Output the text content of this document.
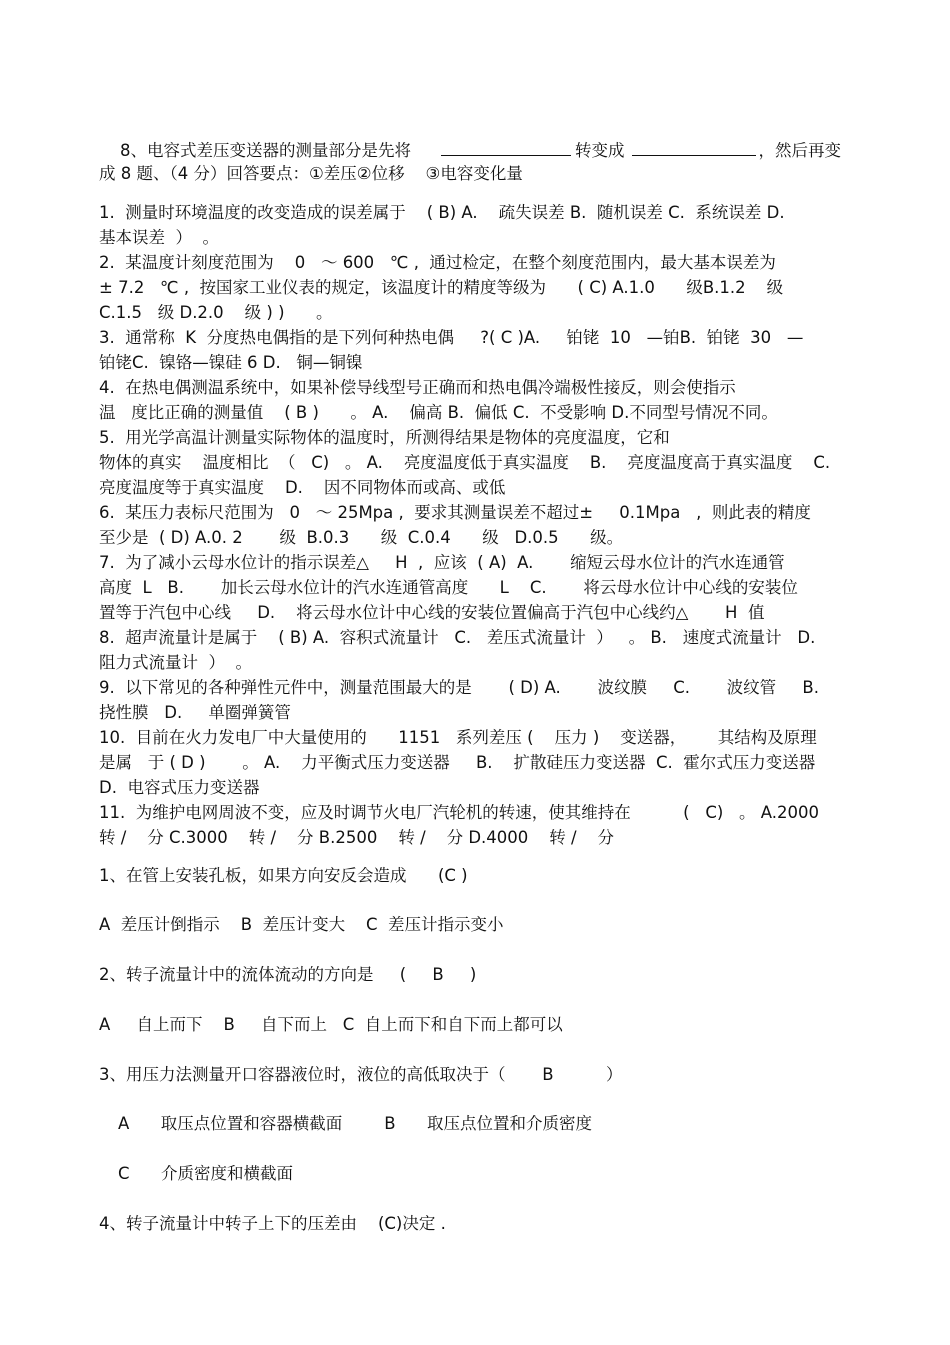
8、电容式差压变送器的测量部分是先将	转变成	，然后再变

成 8 题、（4 分）回答要点：①差压②位移    ③电容变化量
1.  测量时环境温度的改变造成的误差属于    ( B) A.    疏失误差 B.  随机误差 C.  系统误差 D.
基本误差  ）  。
2.  某温度计刻度范围为    0   ～ 600   ℃ ,  通过检定，在整个刻度范围内，最大基本误差为
± 7.2   ℃ ,  按国家工业仪表的规定，该温度计的精度等级为      ( C) A.1.0      级B.1.2    级
C.1.5   级 D.2.0    级 ) )      。
3.  通常称  K  分度热电偶指的是下列何种热电偶     ?( C )A.     铂铑  10   —铂B.  铂铑  30   —
铂铑C.  镍铬—镍硅 6 D.   铜—铜镍
4.  在热电偶测温系统中，如果补偿导线型号正确而和热电偶冷端极性接反，则会使指示
温   度比正确的测量值    ( B )      。 A.    偏高 B.  偏低 C.  不受影响 D.不同型号情况不同。
5.  用光学高温计测量实际物体的温度时，所测得结果是物体的亮度温度，它和
物体的真实    温度相比  （   C)   。 A.    亮度温度低于真实温度    B.    亮度温度高于真实温度    C.
亮度温度等于真实温度    D.    因不同物体而或高、或低
6.  某压力表标尺范围为   0   ～ 25Mpa ,  要求其测量误差不超过±     0.1Mpa   ,  则此表的精度
至少是  ( D) A.0. 2       级  B.0.3      级  C.0.4      级   D.0.5      级。
7.  为了减小云母水位计的指示误差△     H  ,  应该  ( A)  A.       缩短云母水位计的汽水连通管
高度  L   B.       加长云母水位计的汽水连通管高度      L    C.       将云母水位计中心线的安装位
置等于汽包中心线     D.    将云母水位计中心线的安装位置偏高于汽包中心线约△       H  值
8.  超声流量计是属于    ( B) A.  容积式流量计   C.   差压式流量计  ）   。 B.   速度式流量计   D.
阻力式流量计  ）  。
9.  以下常见的各种弹性元件中，测量范围最大的是       ( D) A.       波纹膜     C.       波纹管     B.
挠性膜   D.     单圈弹簧管
10.  目前在火力发电厂中大量使用的      1151   系列差压 (    压力 )    变送器，      其结构及原理
是属   于 ( D )       。 A.    力平衡式压力变送器     B.    扩散硅压力变送器  C.  霍尔式压力变送器
D.  电容式压力变送器
11.  为维护电网周波不变，应及时调节火电厂汽轮机的转速，使其维持在          (   C)   。 A.2000
转 /    分 C.3000    转 /    分 B.2500    转 /    分 D.4000    转 /    分
1、在管上安装孔板，如果方向安反会造成      (C )
A  差压计倒指示    B  差压计变大    C  差压计指示变小
2、转子流量计中的流体流动的方向是     (     B     )
A     自上而下    B     自下而上   C  自上而下和自下而上都可以
3、用压力法测量开口容器液位时，液位的高低取决于（       B          ）
A      取压点位置和容器横截面        B      取压点位置和介质密度
C      介质密度和横截面
4、转子流量计中转子上下的压差由    (C)决定 .
